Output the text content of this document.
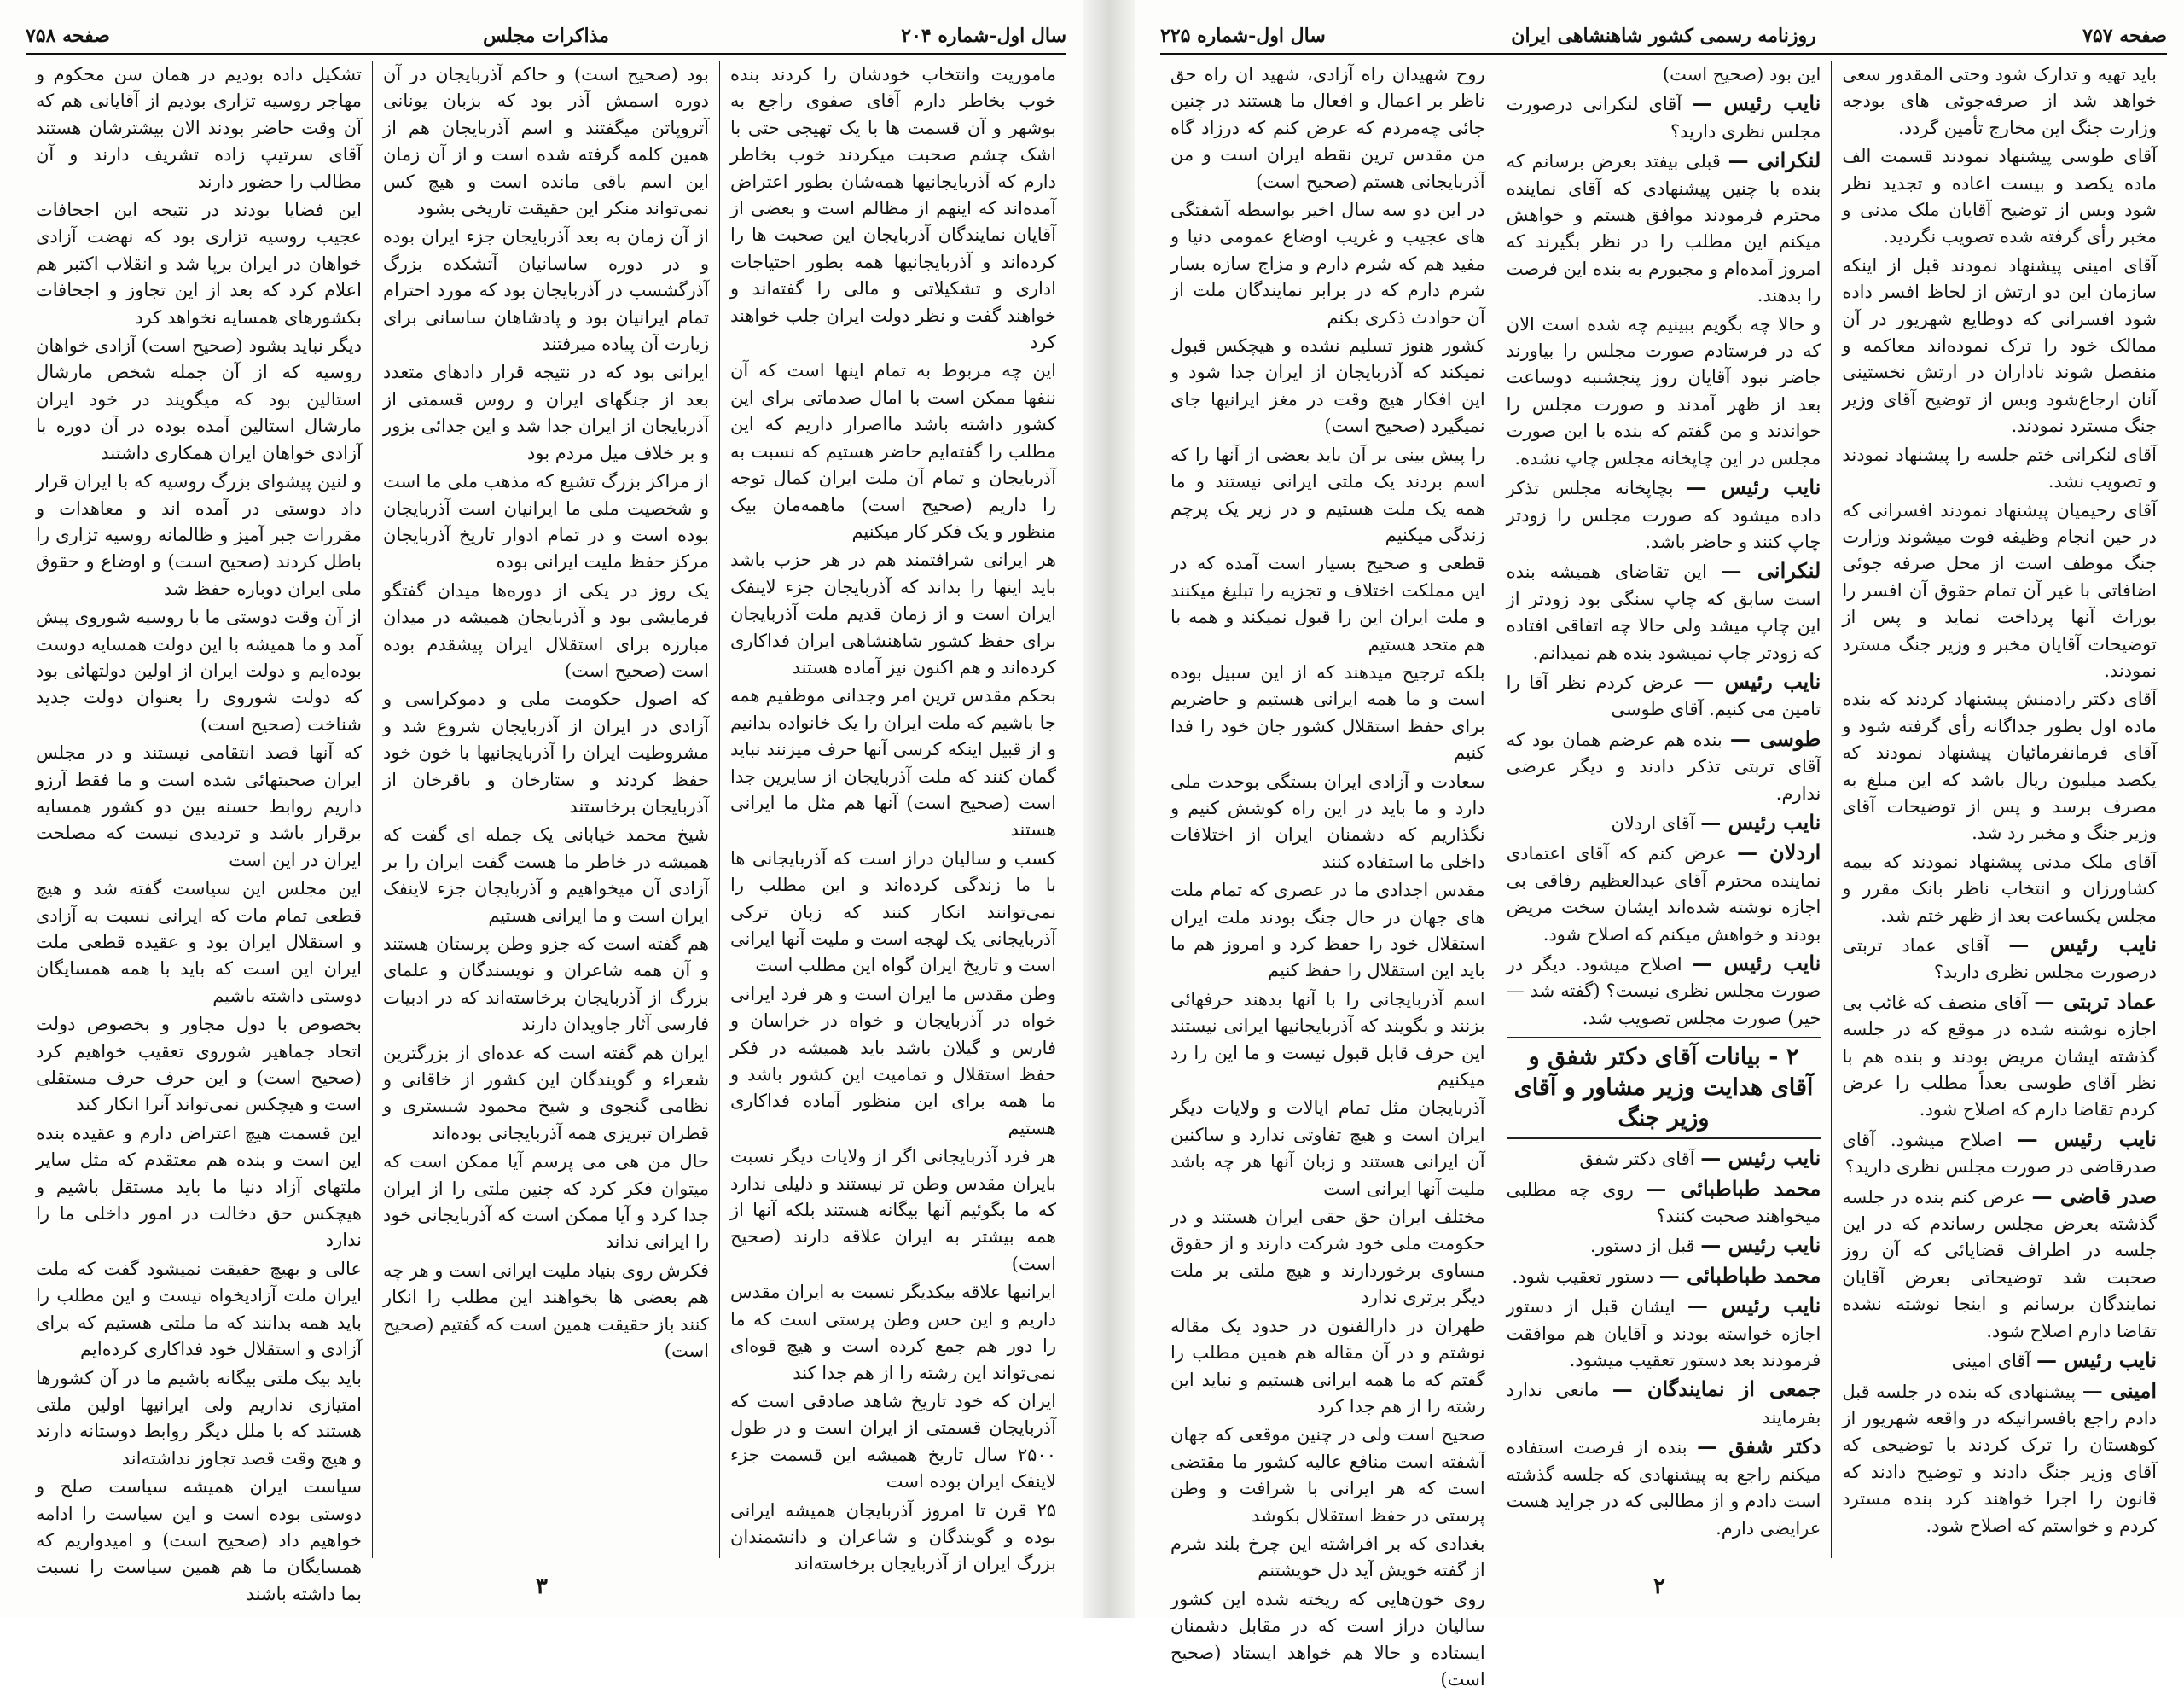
سال اول-شماره ۲۰۴
مذاکرات مجلس
صفحه ۷۵۸

ماموریت وانتخاب خودشان را کردند بنده خوب بخاطر دارم آقای صفوی راجع به بوشهر و آن قسمت ها با یک تهیجی حتی با اشک چشم صحبت میکردند خوب بخاطر دارم که آذربایجانیها همه‌شان بطور اعتراض آمده‌اند که اینهم از مظالم است و بعضی از آقایان نمایندگان آذربایجان این صحبت ها را کرده‌اند و آذربایجانیها همه بطور احتیاجات اداری و تشکیلاتی و مالی را گفته‌اند و خواهند گفت و نظر دولت ایران جلب خواهند کرد

این چه مربوط به تمام اینها است که آن ننفها ممکن است با امال صدماتی برای این کشور داشته باشد مااصرار داریم که این مطلب را گفته‌ایم حاضر هستیم که نسبت به آذربایجان و تمام آن ملت ایران کمال توجه را داریم (صحیح است) ماهمه‌مان بیک منظور و یک فکر کار میکنیم

هر ایرانی شرافتمند هم در هر حزب باشد باید اینها را بداند که آذربایجان جزء لاینفک ایران است و از زمان قدیم ملت آذربایجان برای حفظ کشور شاهنشاهی ایران فداکاری کرده‌اند و هم اکنون نیز آماده هستند

بحکم مقدس ترین امر وجدانی موظفیم همه جا باشیم که ملت ایران را یک خانواده بدانیم و از قبیل اینکه کرسی آنها حرف میزنند نباید گمان کنند که ملت آذربایجان از سایرین جدا است (صحیح است) آنها هم مثل ما ایرانی هستند

کسب و سالیان دراز است که آذربایجانی ها با ما زندگی کرده‌اند و این مطلب را نمی‌توانند انکار کنند که زبان ترکی آذربایجانی یک لهجه است و ملیت آنها ایرانی است و تاریخ ایران گواه این مطلب است

وطن مقدس ما ایران است و هر فرد ایرانی خواه در آذربایجان و خواه در خراسان و فارس و گیلان باشد باید همیشه در فکر حفظ استقلال و تمامیت این کشور باشد و ما همه برای این منظور آماده فداکاری هستیم

هر فرد آذربایجانی اگر از ولایات دیگر نسبت بایران مقدس وطن تر نیستند و دلیلی ندارد که ما بگوئیم آنها بیگانه هستند بلکه آنها از همه بیشتر به ایران علاقه دارند (صحیح است)

ایرانیها علاقه بیکدیگر نسبت به ایران مقدس داریم و این حس وطن پرستی است که ما را دور هم جمع کرده است و هیچ قوه‌ای نمی‌تواند این رشته را از هم جدا کند

ایران که خود تاریخ شاهد صادقی است که آذربایجان قسمتی از ایران است و در طول ۲۵۰۰ سال تاریخ همیشه این قسمت جزء لاینفک ایران بوده است

۲۵ قرن تا امروز آذربایجان همیشه ایرانی بوده و گویندگان و شاعران و دانشمندان بزرگ ایران از آذربایجان برخاسته‌اند

بود (صحیح است) و حاکم آذربایجان در آن دوره اسمش آذر بود که بزبان یونانی آتروپاتن میگفتند و اسم آذربایجان هم از همین کلمه گرفته شده است و از آن زمان این اسم باقی مانده است و هیچ کس نمی‌تواند منکر این حقیقت تاریخی بشود

از آن زمان به بعد آذربایجان جزء ایران بوده و در دوره ساسانیان آتشکده بزرگ آذرگشسب در آذربایجان بود که مورد احترام تمام ایرانیان بود و پادشاهان ساسانی برای زیارت آن پیاده میرفتند

ایرانی بود که در نتیجه قرار دادهای متعدد بعد از جنگهای ایران و روس قسمتی از آذربایجان از ایران جدا شد و این جدائی بزور و بر خلاف میل مردم بود

از مراکز بزرگ تشیع که مذهب ملی ما است و شخصیت ملی ما ایرانیان است آذربایجان بوده است و در تمام ادوار تاریخ آذربایجان مرکز حفظ ملیت ایرانی بوده

یک روز در یکی از دوره‌ها میدان گفتگو فرمایشی بود و آذربایجان همیشه در میدان مبارزه برای استقلال ایران پیشقدم بوده است (صحیح است)

که اصول حکومت ملی و دموکراسی و آزادی در ایران از آذربایجان شروع شد و مشروطیت ایران را آذربایجانیها با خون خود حفظ کردند و ستارخان و باقرخان از آذربایجان برخاستند

شیخ محمد خیابانی یک جمله ای گفت که همیشه در خاطر ما هست گفت ایران را بر آزادی آن میخواهیم و آذربایجان جزء لاینفک ایران است و ما ایرانی هستیم

هم گفته است که جزو وطن پرستان هستند و آن همه شاعران و نویسندگان و علمای بزرگ از آذربایجان برخاسته‌اند که در ادبیات فارسی آثار جاویدان دارند

ایران هم گفته است که عده‌ای از بزرگترین شعراء و گویندگان این کشور از خاقانی و نظامی گنجوی و شیخ محمود شبستری و قطران تبریزی همه آذربایجانی بوده‌اند

حال من هی می پرسم آیا ممکن است که میتوان فکر کرد که چنین ملتی را از ایران جدا کرد و آیا ممکن است که آذربایجانی خود را ایرانی نداند

فکرش روی بنیاد ملیت ایرانی است و هر چه هم بعضی ها بخواهند این مطلب را انکار کنند باز حقیقت همین است که گفتیم (صحیح است)

تشکیل داده بودیم در همان سن محکوم و مهاجر روسیه تزاری بودیم از آقایانی هم که آن وقت حاضر بودند الان بیشترشان هستند آقای سرتیپ زاده تشریف دارند و آن مطالب را حضور دارند

این فضایا بودند در نتیجه این اجحافات عجیب روسیه تزاری بود که نهضت آزادی خواهان در ایران برپا شد و انقلاب اکتبر هم اعلام کرد که بعد از این تجاوز و اجحافات بکشورهای همسایه نخواهد کرد

دیگر نباید بشود (صحیح است) آزادی خواهان روسیه که از آن جمله شخص مارشال استالین بود که میگویند در خود ایران مارشال استالین آمده بوده در آن دوره با آزادی خواهان ایران همکاری داشتند

و لنین پیشوای بزرگ روسیه که با ایران قرار داد دوستی در آمده اند و معاهدات و مقررات جبر آمیز و ظالمانه روسیه تزاری را باطل کردند (صحیح است) و اوضاع و حقوق ملی ایران دوباره حفظ شد

از آن وقت دوستی ما با روسیه شوروی پیش آمد و ما همیشه با این دولت همسایه دوست بوده‌ایم و دولت ایران از اولین دولتهائی بود که دولت شوروی را بعنوان دولت جدید شناخت (صحیح است)

که آنها قصد انتقامی نیستند و در مجلس ایران صحبتهائی شده است و ما فقط آرزو داریم روابط حسنه بین دو کشور همسایه برقرار باشد و تردیدی نیست که مصلحت ایران در این است

این مجلس این سیاست گفته شد و هیچ قطعی تمام مات که ایرانی نسبت به آزادی و استقلال ایران بود و عقیده قطعی ملت ایران این است که باید با همه همسایگان دوستی داشته باشیم

بخصوص با دول مجاور و بخصوص دولت اتحاد جماهیر شوروی تعقیب خواهیم کرد (صحیح است) و این حرف حرف مستقلی است و هیچکس نمی‌تواند آنرا انکار کند

این قسمت هیچ اعتراض دارم و عقیده بنده این است و بنده هم معتقدم که مثل سایر ملتهای آزاد دنیا ما باید مستقل باشیم و هیچکس حق دخالت در امور داخلی ما را ندارد

عالی و بهیچ حقیقت نمیشود گفت که ملت ایران ملت آزادیخواه نیست و این مطلب را باید همه بدانند که ما ملتی هستیم که برای آزادی و استقلال خود فداکاری کرده‌ایم

باید بیک ملتی بیگانه باشیم ما در آن کشورها امتیازی نداریم ولی ایرانیها اولین ملتی هستند که با ملل دیگر روابط دوستانه دارند و هیچ وقت قصد تجاوز نداشته‌اند

سیاست ایران همیشه سیاست صلح و دوستی بوده است و این سیاست را ادامه خواهیم داد (صحیح است) و امیدواریم که همسایگان ما هم همین سیاست را نسبت بما داشته باشند	۳
صفحه ۷۵۷
روزنامه رسمی کشور شاهنشاهی ایران
سال اول-شماره ۲۲۵

باید تهیه و تدارک شود وحتی المقدور سعی خواهد شد از صرفه‌جوئی های بودجه وزارت جنگ این مخارج تأمین گردد.

آقای طوسی پیشنهاد نمودند قسمت الف ماده یکصد و بیست اعاده و تجدید نظر شود وبس از توضیح آقایان ملک مدنی و مخبر رأی گرفته شده تصویب نگردید.

آقای امینی پیشنهاد نمودند قبل از اینکه سازمان این دو ارتش از لحاظ افسر داده شود افسرانی که دوطایع شهریور در آن ممالک خود را ترک نموده‌اند معاکمه و منفصل شوند ناداران در ارتش نخستینی آنان ارجاع‌شود وبس از توضیح آقای وزیر جنگ مسترد نمودند.

آقای لنکرانی ختم جلسه را پیشنهاد نمودند و تصویب نشد.

آقای رحیمیان پیشنهاد نمودند افسرانی که در حین انجام وظیفه فوت میشوند وزارت جنگ موظف است از محل صرفه جوئی اضافاتی با غیر آن تمام حقوق آن افسر را بوراث آنها پرداخت نماید و پس از توضیحات آقایان مخبر و وزیر جنگ مسترد نمودند.

آقای دکتر رادمنش پیشنهاد کردند که بنده ماده اول بطور جداگانه رأی گرفته شود و آقای فرمانفرمائیان پیشنهاد نمودند که یکصد میلیون ریال باشد که این مبلغ به مصرف برسد و پس از توضیحات آقای وزیر جنگ و مخبر رد شد.

آقای ملک مدنی پیشنهاد نمودند که بیمه کشاورزان و انتخاب ناظر بانک مقرر و مجلس یکساعت بعد از ظهر ختم شد.

نایب رئیس — آقای عماد تربتی درصورت مجلس نظری دارید؟

عماد تربتی — آقای منصف که غائب بی اجازه نوشته شده در موقع که در جلسه گذشته ایشان مریض بودند و بنده هم با نظر آقای طوسی بعداً مطلب را عرض کردم تقاضا دارم که اصلاح شود.

نایب رئیس — اصلاح میشود. آقای صدرقاضی در صورت مجلس نظری دارید؟

صدر قاضی — عرض کنم بنده در جلسه گذشته بعرض مجلس رساندم که در این جلسه در اطراف قضایائی که آن روز صحبت شد توضیحاتی بعرض آقایان نمایندگان برسانم و اینجا نوشته نشده تقاضا دارم اصلاح شود.

نایب رئیس — آقای امینی

امینی — پیشنهادی که بنده در جلسه قبل دادم راجع بافسرانیکه در واقعه شهریور از کوهستان را ترک کردند با توضیحی که آقای وزیر جنگ دادند و توضیح دادند که قانون را اجرا خواهند کرد بنده مسترد کردم و خواستم که اصلاح شود.

این بود (صحیح است)

نایب رئیس — آقای لنکرانی درصورت مجلس نظری دارید؟

لنکرانی — قبلی بیفتد بعرض برسانم که بنده با چنین پیشنهادی که آقای نماینده محترم فرمودند موافق هستم و خواهش میکنم این مطلب را در نظر بگیرند که امروز آمده‌ام و مجبورم به بنده این فرصت را بدهند.

و حالا چه بگویم ببینیم چه شده است الان که در فرستادم صورت مجلس را بیاورند جاضر نبود آقایان روز پنجشنبه دوساعت بعد از ظهر آمدند و صورت مجلس را خواندند و من گفتم که بنده با این صورت مجلس در این چاپخانه مجلس چاپ نشده.

نایب رئیس — بچاپخانه مجلس تذکر داده میشود که صورت مجلس را زودتر چاپ کنند و حاضر باشد.

لنکرانی — این تقاضای همیشه بنده است سابق که چاپ سنگی بود زودتر از این چاپ میشد ولی حالا چه اتفاقی افتاده که زودتر چاپ نمیشود بنده هم نمیدانم.

نایب رئیس — عرض کردم نظر آقا را تامین می کنیم. آقای طوسی

طوسی — بنده هم عرضم همان بود که آقای تربتی تذکر دادند و دیگر عرضی ندارم.

نایب رئیس — آقای اردلان

اردلان — عرض کنم که آقای اعتمادی نماینده محترم آقای عبدالعظیم رفاقی بی اجازه نوشته شده‌اند ایشان سخت مریض بودند و خواهش میکنم که اصلاح شود.

نایب رئیس — اصلاح میشود. دیگر در صورت مجلس نظری نیست؟ (گفته شد — خیر) صورت مجلس تصویب شد.

۲ - بیانات آقای دکتر شفق و آقای هدایت وزیر مشاور و آقای وزیر جنگ

نایب رئیس — آقای دکتر شفق

محمد طباطبائی — روی چه مطلبی میخواهند صحبت کنند؟

نایب رئیس — قبل از دستور.

محمد طباطبائی — دستور تعقیب شود.

نایب رئیس — ایشان قبل از دستور اجازه خواسته بودند و آقایان هم موافقت فرمودند بعد دستور تعقیب میشود.

جمعی از نمایندگان — مانعی ندارد بفرمایند

دکتر شفق — بنده از فرصت استفاده میکنم راجع به پیشنهادی که جلسه گذشته است دادم و از مطالبی که در جراید هست عرایضی دارم.

روح شهیدان راه آزادی، شهید ان راه حق ناظر بر اعمال و افعال ما هستند در چنین جائی چه‌مردم که عرض کنم که درزاد گاه من مقدس ترین نقطه ایران است و من آذربایجانی هستم (صحیح است)

در این دو سه سال اخیر بواسطه آشفتگی های عجیب و غریب اوضاع عمومی دنیا و مفید هم که شرم دارم و مزاج سازه بسار شرم دارم که در برابر نمایندگان ملت از آن حوادث ذکری بکنم

کشور هنوز تسلیم نشده و هیچکس قبول نمیکند که آذربایجان از ایران جدا شود و این افکار هیچ وقت در مغز ایرانیها جای نمیگیرد (صحیح است)

را پیش بینی بر آن باید بعضی از آنها را که اسم بردند یک ملتی ایرانی نیستند و ما همه یک ملت هستیم و در زیر یک پرچم زندگی میکنیم

قطعی و صحیح بسیار است آمده که در این مملکت اختلاف و تجزیه را تبلیغ میکنند و ملت ایران این را قبول نمیکند و همه با هم متحد هستیم

بلکه ترجیح میدهند که از این سبیل بوده است و ما همه ایرانی هستیم و حاضریم برای حفظ استقلال کشور جان خود را فدا کنیم

سعادت و آزادی ایران بستگی بوحدت ملی دارد و ما باید در این راه کوشش کنیم و نگذاریم که دشمنان ایران از اختلافات داخلی ما استفاده کنند

مقدس اجدادی ما در عصری که تمام ملت های جهان در حال جنگ بودند ملت ایران استقلال خود را حفظ کرد و امروز هم ما باید این استقلال را حفظ کنیم

اسم آذربایجانی را با آنها بدهند حرفهائی بزنند و بگویند که آذربایجانیها ایرانی نیستند این حرف قابل قبول نیست و ما این را رد میکنیم

آذربایجان مثل تمام ایالات و ولایات دیگر ایران است و هیچ تفاوتی ندارد و ساکنین آن ایرانی هستند و زبان آنها هر چه باشد ملیت آنها ایرانی است

مختلف ایران حق حقی ایران هستند و در حکومت ملی خود شرکت دارند و از حقوق مساوی برخوردارند و هیچ ملتی بر ملت دیگر برتری ندارد

طهران در دارالفنون در حدود یک مقاله نوشتم و در آن مقاله هم همین مطلب را گفتم که ما همه ایرانی هستیم و نباید این رشته را از هم جدا کرد

صحیح است ولی در چنین موقعی که جهان آشفته است منافع عالیه کشور ما مقتضی است که هر ایرانی با شرافت و وطن پرستی در حفظ استقلال بکوشد

بغدادی که بر افراشته این چرخ بلند شرم از گفته خویش آید دل خویشتنم

روی خون‌هایی که ریخته شده این کشور سالیان دراز است که در مقابل دشمنان ایستاده و حالا هم خواهد ایستاد (صحیح است)

۲
